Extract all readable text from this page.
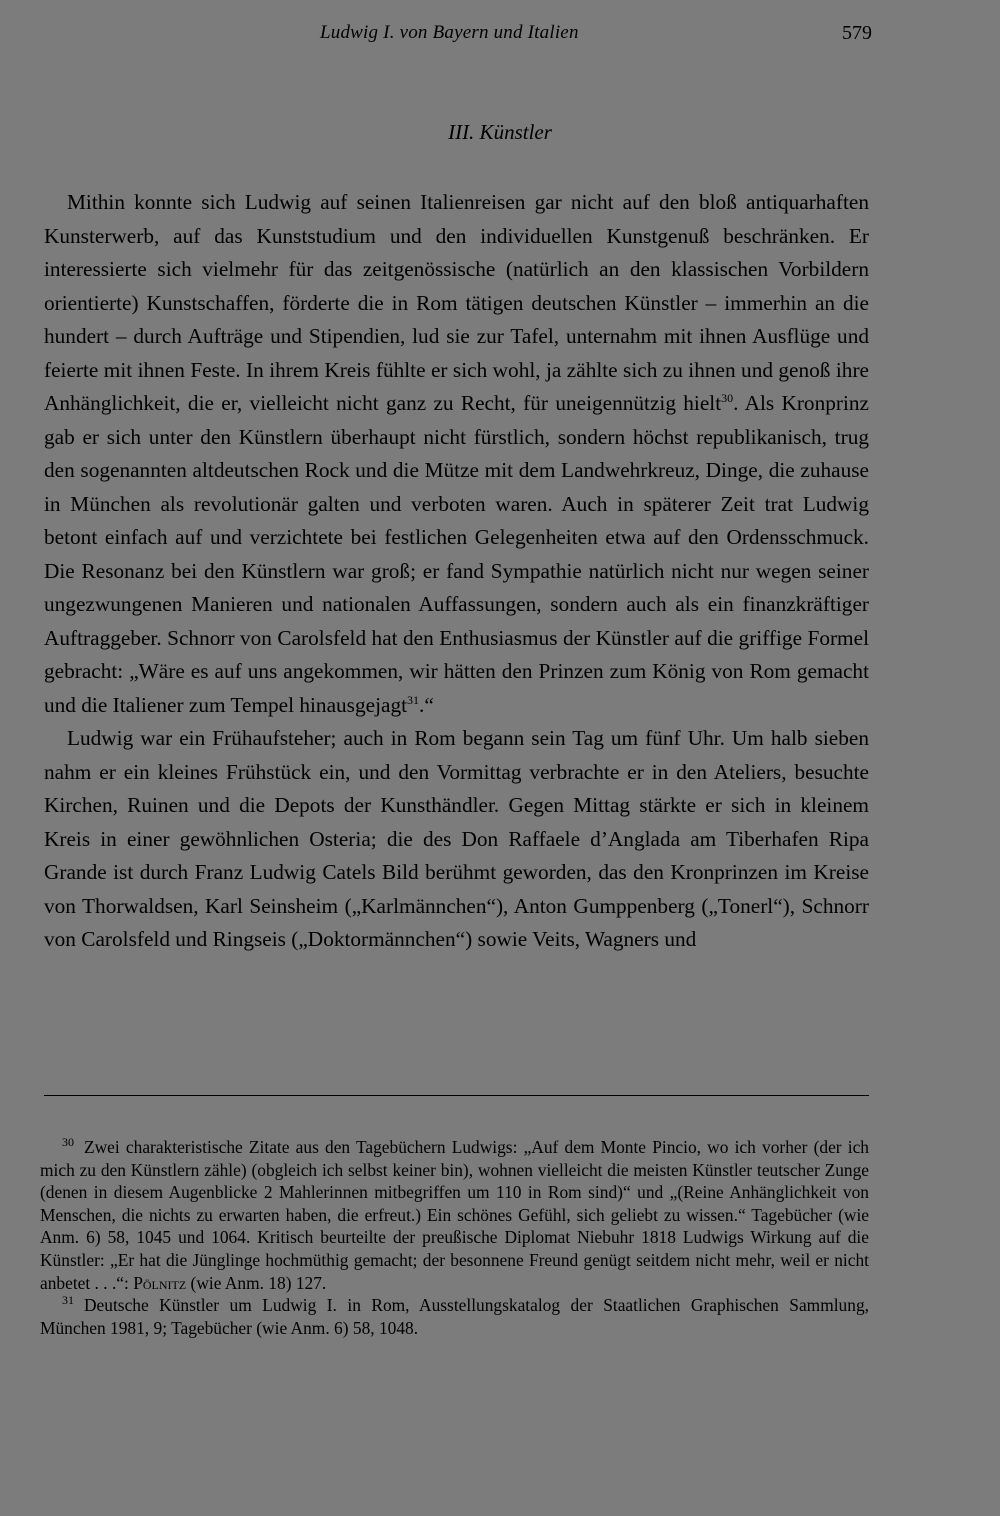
Ludwig I. von Bayern und Italien	579
III. Künstler

Mithin konnte sich Ludwig auf seinen Italienreisen gar nicht auf den bloß antiquarhaften Kunsterwerb, auf das Kunststudium und den individuellen Kunstgenuß beschränken. Er interessierte sich vielmehr für das zeitgenössische (natürlich an den klassischen Vorbildern orientierte) Kunstschaffen, förderte die in Rom tätigen deutschen Künstler – immerhin an die hundert – durch Aufträge und Stipendien, lud sie zur Tafel, unternahm mit ihnen Ausflüge und feierte mit ihnen Feste. In ihrem Kreis fühlte er sich wohl, ja zählte sich zu ihnen und genoß ihre Anhänglichkeit, die er, vielleicht nicht ganz zu Recht, für uneigennützig hielt$^{30}$. Als Kronprinz gab er sich unter den Künstlern überhaupt nicht fürstlich, sondern höchst republikanisch, trug den sogenannten altdeutschen Rock und die Mütze mit dem Landwehrkreuz, Dinge, die zuhause in München als revolutionär galten und verboten waren. Auch in späterer Zeit trat Ludwig betont einfach auf und verzichtete bei festlichen Gelegenheiten etwa auf den Ordensschmuck. Die Resonanz bei den Künstlern war groß; er fand Sympathie natürlich nicht nur wegen seiner ungezwungenen Manieren und nationalen Auffassungen, sondern auch als ein finanzkräftiger Auftraggeber. Schnorr von Carolsfeld hat den Enthusiasmus der Künstler auf die griffige Formel gebracht: „Wäre es auf uns angekommen, wir hätten den Prinzen zum König von Rom gemacht und die Italiener zum Tempel hinausgejagt$^{31}$.“

Ludwig war ein Frühaufsteher; auch in Rom begann sein Tag um fünf Uhr. Um halb sieben nahm er ein kleines Frühstück ein, und den Vormittag verbrachte er in den Ateliers, besuchte Kirchen, Ruinen und die Depots der Kunsthändler. Gegen Mittag stärkte er sich in kleinem Kreis in einer gewöhnlichen Osteria; die des Don Raffaele d’Anglada am Tiberhafen Ripa Grande ist durch Franz Ludwig Catels Bild berühmt geworden, das den Kronprinzen im Kreise von Thorwaldsen, Karl Seinsheim („Karlmännchen“), Anton Gumppenberg („Tonerl“), Schnorr von Carolsfeld und Ringseis („Doktormännchen“) sowie Veits, Wagners und

$^{30}$ Zwei charakteristische Zitate aus den Tagebüchern Ludwigs: „Auf dem Monte Pincio, wo ich vorher (der ich mich zu den Künstlern zähle) (obgleich ich selbst keiner bin), wohnen vielleicht die meisten Künstler teutscher Zunge (denen in diesem Augenblicke 2 Mahlerinnen mitbegriffen um 110 in Rom sind)“ und „(Reine Anhänglichkeit von Menschen, die nichts zu erwarten haben, die erfreut.) Ein schönes Gefühl, sich geliebt zu wissen.“ Tagebücher (wie Anm. 6) 58, 1045 und 1064. Kritisch beurteilte der preußische Diplomat Niebuhr 1818 Ludwigs Wirkung auf die Künstler: „Er hat die Jünglinge hochmüthig gemacht; der besonnene Freund genügt seitdem nicht mehr, weil er nicht anbetet . . .“: Pölnitz (wie Anm. 18) 127.

$^{31}$ Deutsche Künstler um Ludwig I. in Rom, Ausstellungskatalog der Staatlichen Graphischen Sammlung, München 1981, 9; Tagebücher (wie Anm. 6) 58, 1048.
